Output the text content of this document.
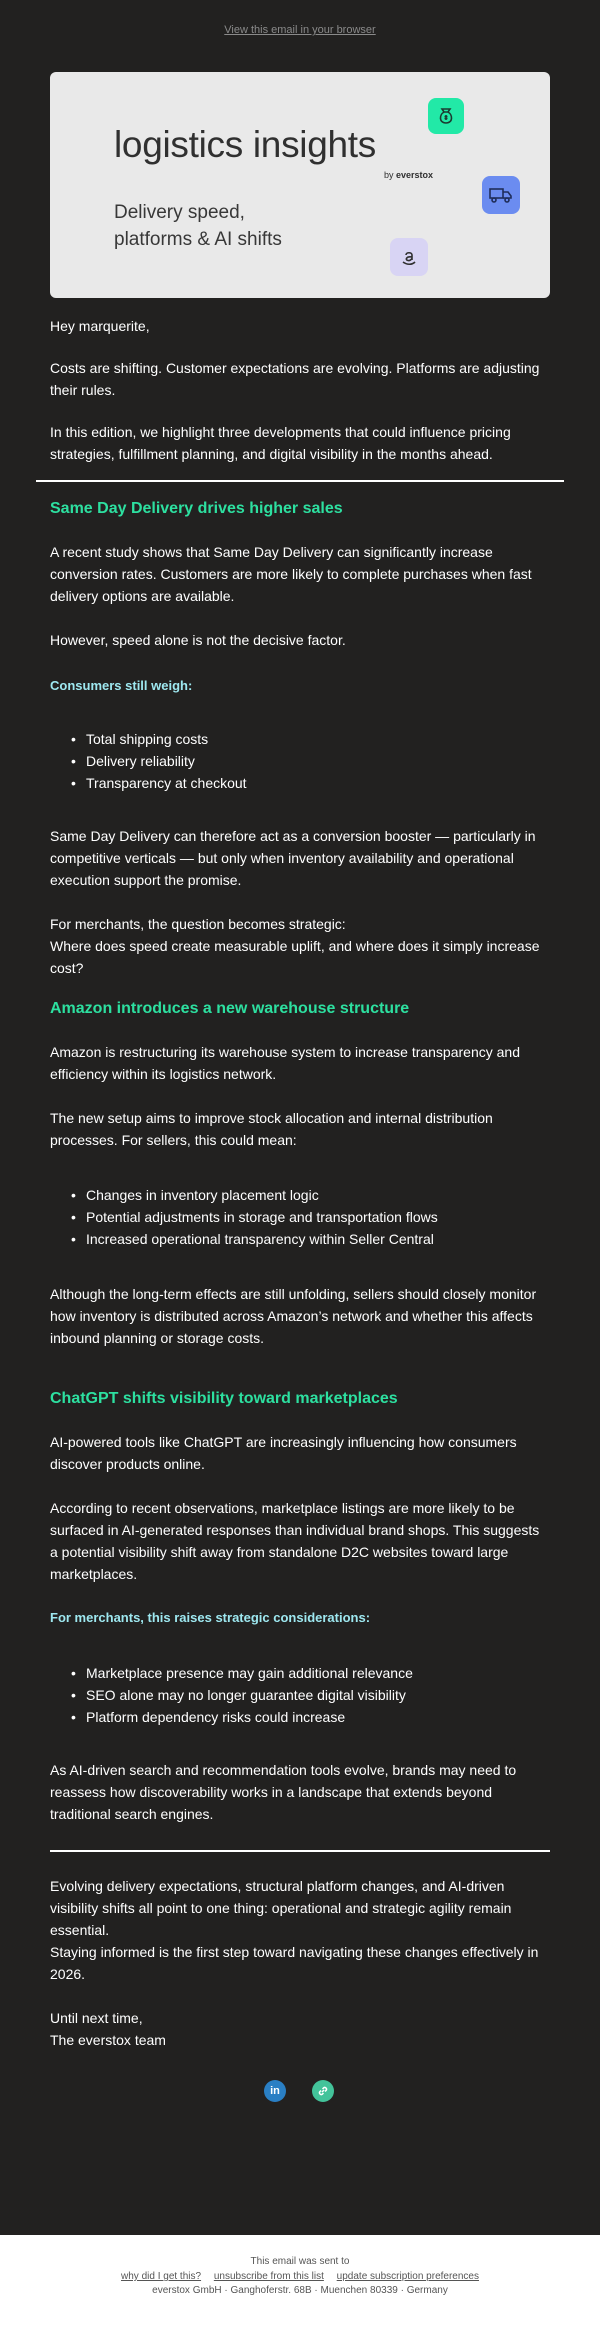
View this email in your browser
logistics insights
by everstox
Delivery speed,
platforms & AI shifts

Hey marquerite,

Costs are shifting. Customer expectations are evolving. Platforms are adjusting their rules.

In this edition, we highlight three developments that could influence pricing strategies, fulfillment planning, and digital visibility in the months ahead.

Same Day Delivery drives higher sales

A recent study shows that Same Day Delivery can significantly increase conversion rates. Customers are more likely to complete purchases when fast delivery options are available.

However, speed alone is not the decisive factor.

Consumers still weigh:
• Total shipping costs
• Delivery reliability
• Transparency at checkout

Same Day Delivery can therefore act as a conversion booster — particularly in competitive verticals — but only when inventory availability and operational execution support the promise.

For merchants, the question becomes strategic:
Where does speed create measurable uplift, and where does it simply increase cost?
Amazon introduces a new warehouse structure

Amazon is restructuring its warehouse system to increase transparency and efficiency within its logistics network.

The new setup aims to improve stock allocation and internal distribution processes. For sellers, this could mean:

• Changes in inventory placement logic
• Potential adjustments in storage and transportation flows
• Increased operational transparency within Seller Central

Although the long-term effects are still unfolding, sellers should closely monitor how inventory is distributed across Amazon’s network and whether this affects inbound planning or storage costs.

ChatGPT shifts visibility toward marketplaces

AI-powered tools like ChatGPT are increasingly influencing how consumers discover products online.

According to recent observations, marketplace listings are more likely to be surfaced in AI-generated responses than individual brand shops. This suggests a potential visibility shift away from standalone D2C websites toward large marketplaces.

For merchants, this raises strategic considerations:
• Marketplace presence may gain additional relevance
• SEO alone may no longer guarantee digital visibility
• Platform dependency risks could increase

As AI-driven search and recommendation tools evolve, brands may need to reassess how discoverability works in a landscape that extends beyond traditional search engines.

Evolving delivery expectations, structural platform changes, and AI-driven visibility shifts all point to one thing: operational and strategic agility remain essential.

Staying informed is the first step toward navigating these changes effectively in 2026.

Until next time,
The everstox team
in
This email was sent to
why did I get this? unsubscribe from this list update subscription preferences
everstox GmbH · Ganghoferstr. 68B · Muenchen 80339 · Germany
